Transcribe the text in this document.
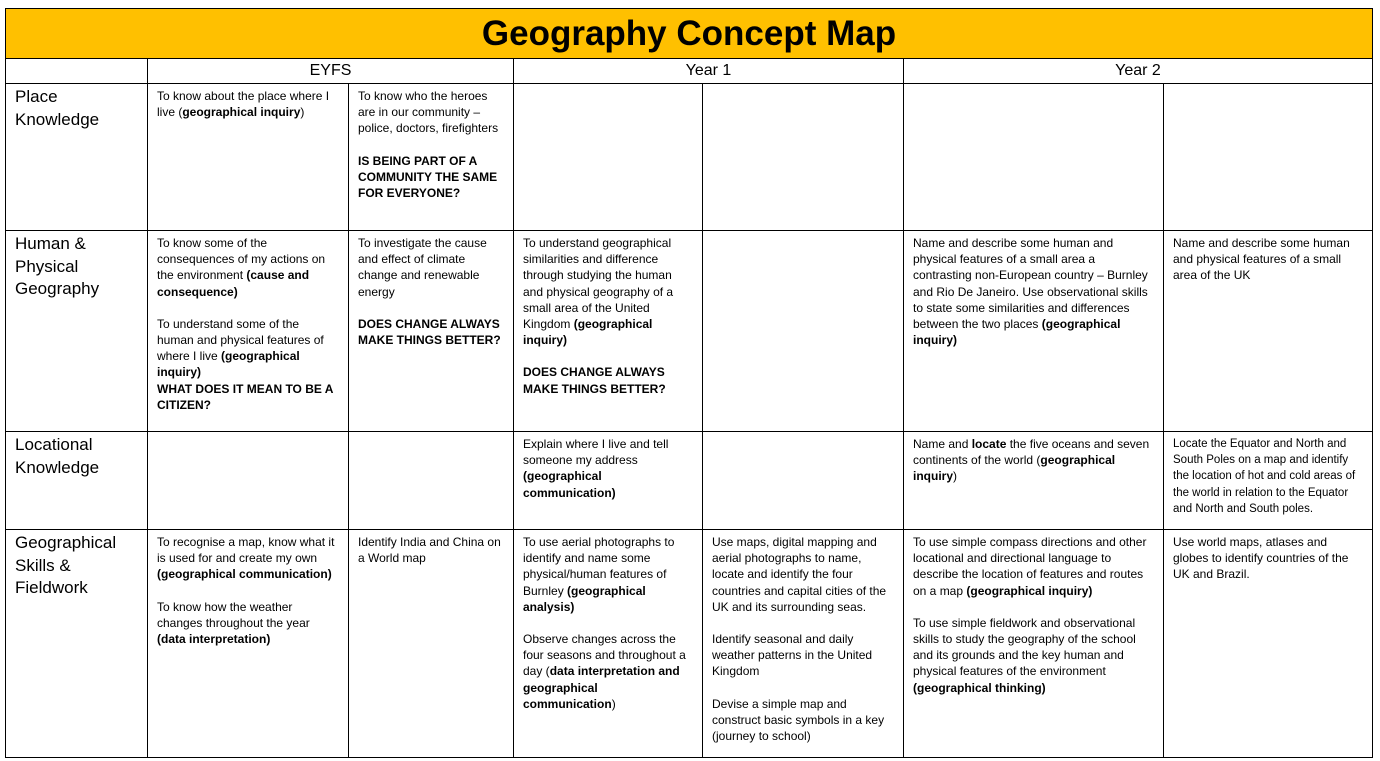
Geography Concept Map
EYFS	Year 1	Year 2
Place Knowledge

To know about the place where I live (geographical inquiry)

To know who the heroes are in our community – police, doctors, firefighters

IS BEING PART OF A COMMUNITY THE SAME FOR EVERYONE?

Human & Physical Geography

To know some of the consequences of my actions on the environment (cause and consequence)

To understand some of the human and physical features of where I live (geographical inquiry)

WHAT DOES IT MEAN TO BE A CITIZEN?

To investigate the cause and effect of climate change and renewable energy

DOES CHANGE ALWAYS MAKE THINGS BETTER?

To understand geographical similarities and difference through studying the human and physical geography of a small area of the United Kingdom (geographical inquiry)

DOES CHANGE ALWAYS MAKE THINGS BETTER?

Name and describe some human and physical features of a small area a contrasting non-European country – Burnley and Rio De Janeiro. Use observational skills to state some similarities and differences between the two places (geographical inquiry)

Name and describe some human and physical features of a small area of the UK

Locational Knowledge

Explain where I live and tell someone my address (geographical communication)

Name and locate the five oceans and seven continents of the world (geographical inquiry)

Locate the Equator and North and South Poles on a map and identify the location of hot and cold areas of the world in relation to the Equator and North and South poles.

Geographical Skills & Fieldwork

To recognise a map, know what it is used for and create my own (geographical communication)

To know how the weather changes throughout the year (data interpretation)

Identify India and China on a World map

To use aerial photographs to identify and name some physical/human features of Burnley (geographical analysis)

Observe changes across the four seasons and throughout a day (data interpretation and geographical communication)

Use maps, digital mapping and aerial photographs to name, locate and identify the four countries and capital cities of the UK and its surrounding seas.

Identify seasonal and daily weather patterns in the United Kingdom

Devise a simple map and construct basic symbols in a key (journey to school)

To use simple compass directions and other locational and directional language to describe the location of features and routes on a map (geographical inquiry)

To use simple fieldwork and observational skills to study the geography of the school and its grounds and the key human and physical features of the environment (geographical thinking)

Use world maps, atlases and globes to identify countries of the UK and Brazil.
